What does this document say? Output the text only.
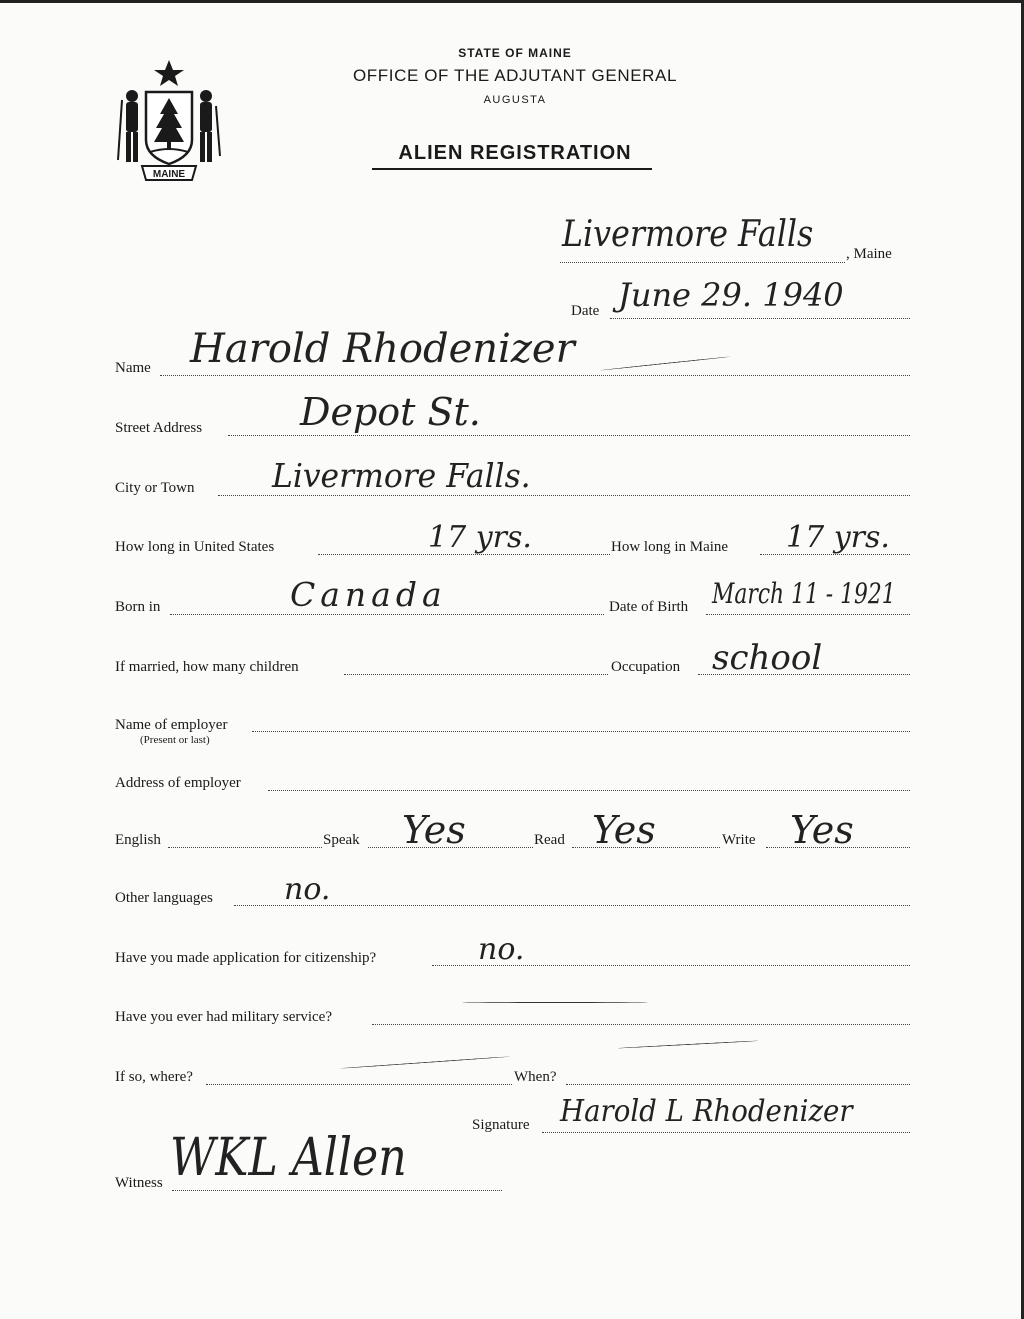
MAINE
STATE OF MAINE
OFFICE OF THE ADJUTANT GENERAL
AUGUSTA
ALIEN REGISTRATION
Livermore Falls , Maine
Date June 29. 1940
Name Harold Rhodenizer
Street Address	Depot St.
City or Town Livermore Falls.
How long in United States	17 yrs.	How long in Maine 17 yrs.
Born in	Canada	Date of Birth March 11 - 1921
If married, how many children	Occupation school
Name of employer
(Present or last)
Address of employer
English	Speak Yes	Read Yes	Write Yes
Other languages no.
Have you made application for citizenship?	no.
Have you ever had military service?
If so, where?	When?
Signature Harold L Rhodenizer
Witness WKL Allen
